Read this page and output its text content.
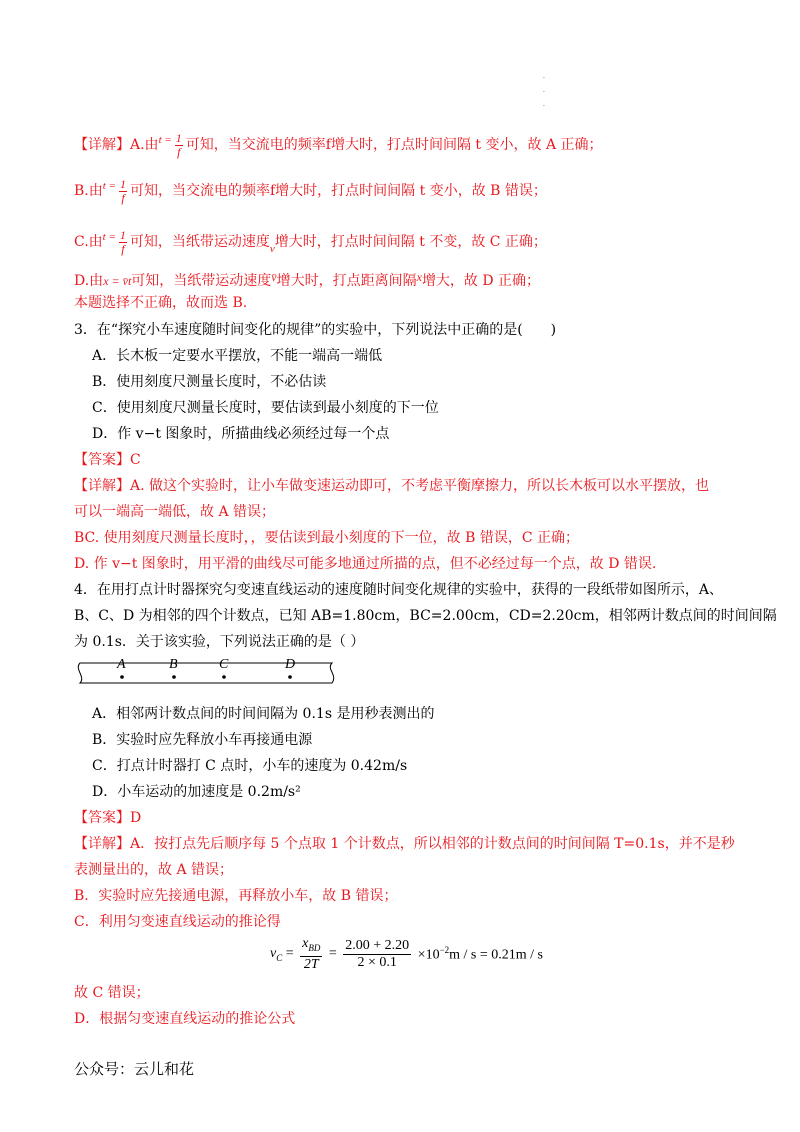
·
·
·
【详解】A.由$^{t =} \frac{1}{f}$ 可知，当交流电的频率f增大时，打点时间间隔 t 变小，故 A 正确；
B.由$^{t =} \frac{1}{f}$ 可知，当交流电的频率f增大时，打点时间间隔 t 变小，故 B 错误；
C.由$^{t =} \frac{1}{f}$ 可知，当纸带运动速度$_v$增大时，打点时间间隔 t 不变，故 C 正确；
D.由x = v̄t可知，当纸带运动速度v̄增大时，打点距离间隔x增大，故 D 正确；
本题选择不正确，故而选 B.
3．在“探究小车速度随时间变化的规律”的实验中，下列说法中正确的是(　　)
A．长木板一定要水平摆放，不能一端高一端低
B．使用刻度尺测量长度时，不必估读
C．使用刻度尺测量长度时，要估读到最小刻度的下一位
D．作 v−t 图象时，所描曲线必须经过每一个点
【答案】C
【详解】A. 做这个实验时，让小车做变速运动即可，不考虑平衡摩擦力，所以长木板可以水平摆放，也
可以一端高一端低，故 A 错误；
BC. 使用刻度尺测量长度时，，要估读到最小刻度的下一位，故 B 错误，C 正确；
D. 作 v−t 图象时，用平滑的曲线尽可能多地通过所描的点，但不必经过每一个点，故 D 错误.
4．在用打点计时器探究匀变速直线运动的速度随时间变化规律的实验中，获得的一段纸带如图所示，A、
B、C、D 为相邻的四个计数点，已知 AB=1.80cm，BC=2.00cm，CD=2.20cm，相邻两计数点间的时间间隔
为 0.1s．关于该实验，下列说法正确的是（ ）
A	B	C	D
A．相邻两计数点间的时间间隔为 0.1s 是用秒表测出的
B．实验时应先释放小车再接通电源
C．打点计时器打 C 点时，小车的速度为 0.42m/s
D．小车运动的加速度是 0.2m/s²
【答案】D
【详解】A．按打点先后顺序每 5 个点取 1 个计数点，所以相邻的计数点间的时间间隔 T=0.1s，并不是秒
表测量出的，故 A 错误；
B．实验时应先接通电源，再释放小车，故 B 错误；
C．利用匀变速直线运动的推论得
$v_C$ =
$x_{BD}$
2T
= $\frac{2.00 + 2.20}{2 \times 0.1} \times 10^{-2}m / s = 0.21m / s$
故 C 错误；
D．根据匀变速直线运动的推论公式
公众号：云儿和花
